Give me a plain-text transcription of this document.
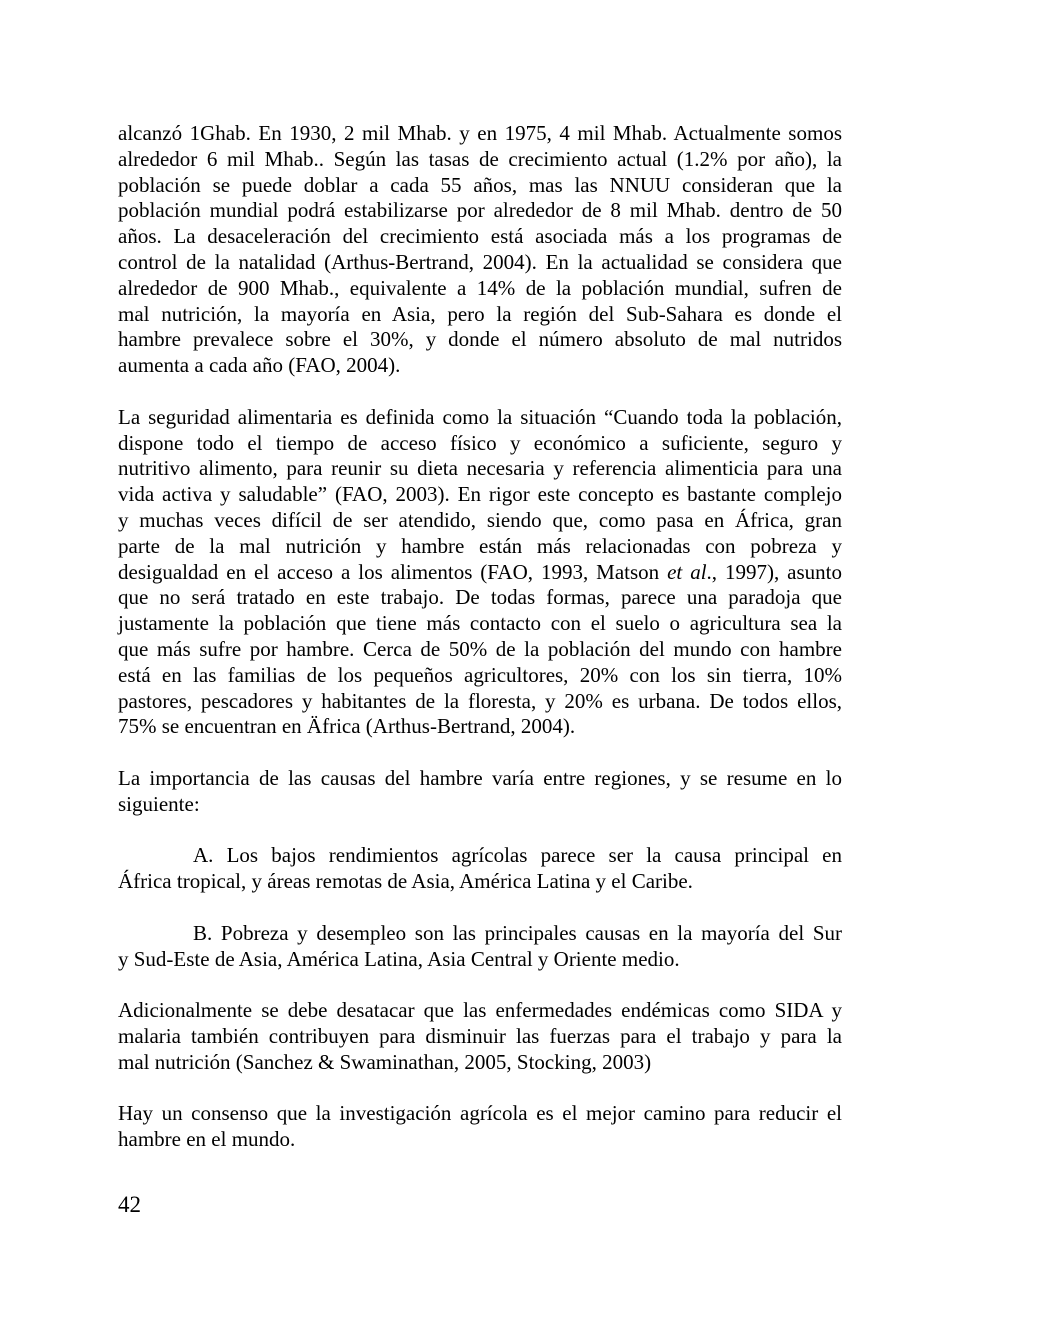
alcanzó 1Ghab. En 1930, 2 mil Mhab. y en 1975, 4 mil Mhab. Actualmente somos
alrededor 6 mil Mhab.. Según las tasas de crecimiento actual (1.2% por año), la
población se puede doblar a cada 55 años, mas las NNUU consideran que la
población mundial podrá estabilizarse por alrededor de 8 mil Mhab. dentro de 50
años. La desaceleración del crecimiento está asociada más a los programas de
control de la natalidad (Arthus-Bertrand, 2004). En la actualidad se considera que
alrededor de 900 Mhab., equivalente a 14% de la población mundial, sufren de
mal nutrición, la mayoría en Asia, pero la región del Sub-Sahara es donde el
hambre prevalece sobre el 30%, y donde el número absoluto de mal nutridos
aumenta a cada año (FAO, 2004).
La seguridad alimentaria es definida como la situación “Cuando toda la población,
dispone todo el tiempo de acceso físico y económico a suficiente, seguro y
nutritivo alimento, para reunir su dieta necesaria y referencia alimenticia para una
vida activa y saludable” (FAO, 2003). En rigor este concepto es bastante complejo
y muchas veces difícil de ser atendido, siendo que, como pasa en África, gran
parte de la mal nutrición y hambre están más relacionadas con pobreza y
desigualdad en el acceso a los alimentos (FAO, 1993, Matson et al., 1997), asunto
que no será tratado en este trabajo. De todas formas, parece una paradoja que
justamente la población que tiene más contacto con el suelo o agricultura sea la
que más sufre por hambre. Cerca de 50% de la población del mundo con hambre
está en las familias de los pequeños agricultores, 20% con los sin tierra, 10%
pastores, pescadores y habitantes de la floresta, y 20% es urbana. De todos ellos,
75% se encuentran en Äfrica (Arthus-Bertrand, 2004).
La importancia de las causas del hambre varía entre regiones, y se resume en lo
siguiente:
A. Los bajos rendimientos agrícolas parece ser la causa principal en
África tropical, y áreas remotas de Asia, América Latina y el Caribe.
B. Pobreza y desempleo son las principales causas en la mayoría del Sur
y Sud-Este de Asia, América Latina, Asia Central y Oriente medio.
Adicionalmente se debe desatacar que las enfermedades endémicas como SIDA y
malaria también contribuyen para disminuir las fuerzas para el trabajo y para la
mal nutrición (Sanchez & Swaminathan, 2005, Stocking, 2003)
Hay un consenso que la investigación agrícola es el mejor camino para reducir el
hambre en el mundo.
42
